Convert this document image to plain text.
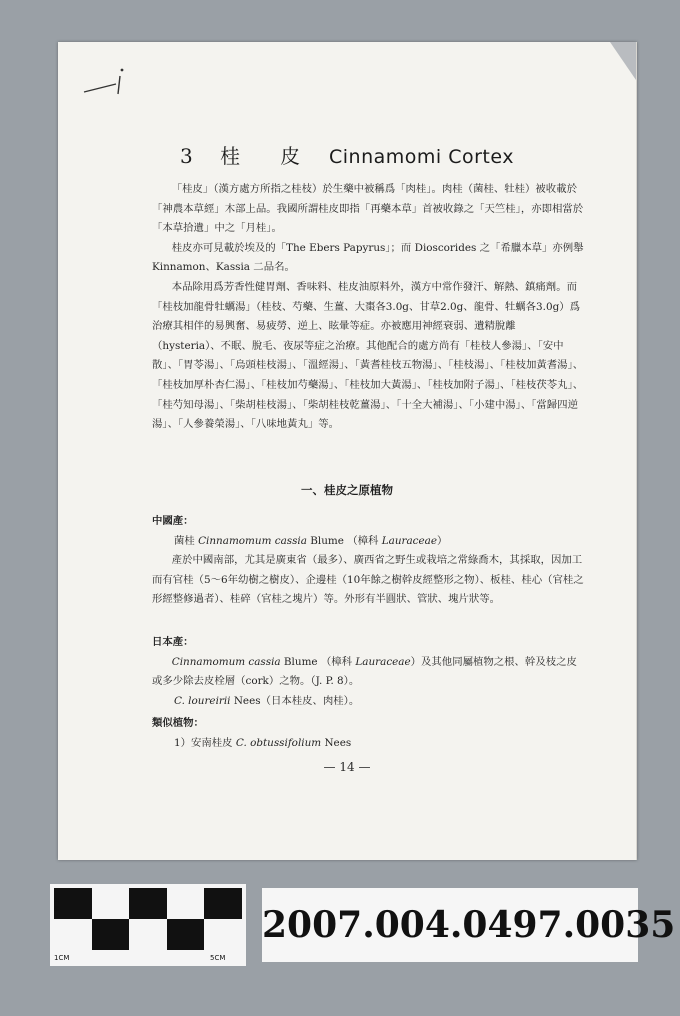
3 桂皮 Cinnamomi Cortex

「桂皮」（漢方處方所指之桂枝）於生藥中被稱爲「肉桂」。肉桂（菌桂、牡桂）被收載於「神農本草經」木部上品。我國所謂桂皮即指「再藥本草」首被收錄之「天竺桂」，亦即相當於「本草拾遺」中之「月桂」。

桂皮亦可見載於埃及的「The Ebers Papyrus」；而 Dioscorides 之「希臘本草」亦例舉 Kinnamon、Kassia 二品名。

本品除用爲芳香性健胃劑、香味料、桂皮油原料外，漢方中常作發汗、解熱、鎮痛劑。而「桂枝加龍骨牡蠣湯」（桂枝、芍藥、生薑、大棗各3.0g、甘草2.0g、龍骨、牡蠣各3.0g）爲治療其相伴的易興奮、易疲勞、逆上、眩暈等症。亦被應用神經衰弱、遺精脫離（hysteria）、不眠、脫毛、夜尿等症之治療。其他配合的處方尚有「桂枝人參湯」、「安中散」、「胃苓湯」、「烏頭桂枝湯」、「溫經湯」、「黃耆桂枝五物湯」、「桂枝湯」、「桂枝加黃耆湯」、「桂枝加厚朴杏仁湯」、「桂枝加芍藥湯」、「桂枝加大黃湯」、「桂枝加附子湯」、「桂枝茯苓丸」、「桂芍知母湯」、「柴胡桂枝湯」、「柴胡桂枝乾薑湯」、「十全大補湯」、「小建中湯」、「當歸四逆湯」、「人參養榮湯」、「八味地黃丸」等。

一、桂皮之原植物

中國產：

菌桂 Cinnamomum cassia Blume （樟科 Lauraceae）

產於中國南部，尤其是廣東省（最多）、廣西省之野生或栽培之常綠喬木，其採取，因加工而有官桂（5～6年幼樹之樹皮）、企邊桂（10年餘之樹幹皮經整形之物）、板桂、桂心（官桂之形經整修過者）、桂碎（官桂之塊片）等。外形有半圓狀、管狀、塊片狀等。

日本產：

Cinnamomum cassia Blume （樟科 Lauraceae）及其他同屬植物之根、幹及枝之皮或多少除去皮栓層（cork）之物。（J. P. 8）。

C. loureirii Nees（日本桂皮、肉桂）。

類似植物：

1）安南桂皮 C. obtussifolium Nees

— 14 —
2CM
1CM	5CM
2007.004.0497.0035
